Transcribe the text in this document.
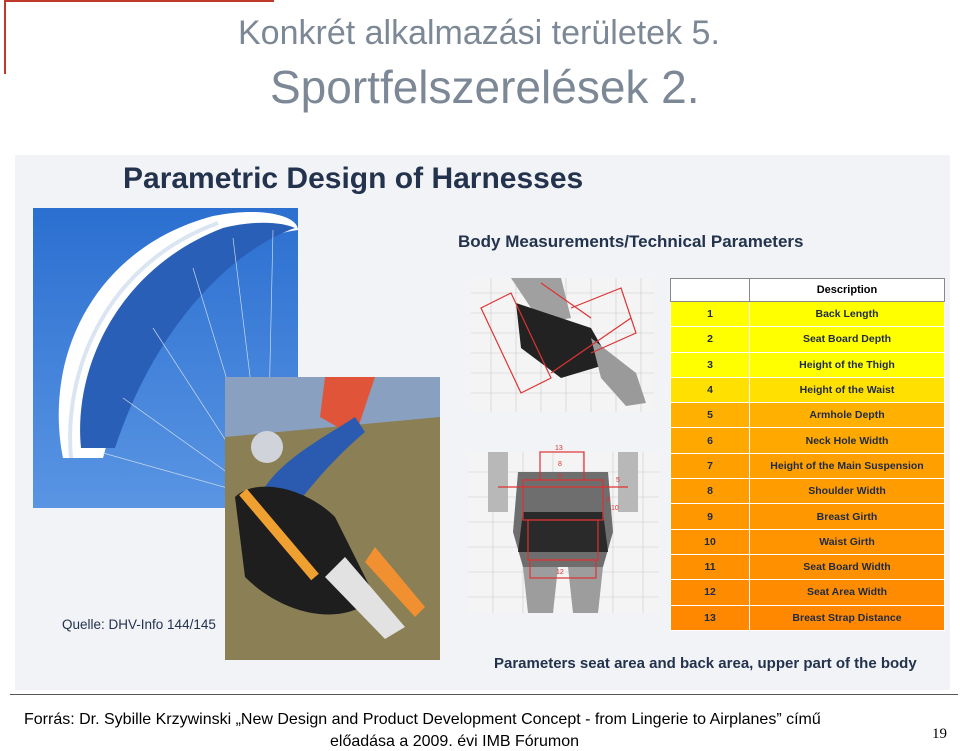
Konkrét alkalmazási területek 5.
Sportfelszerelések 2.
Parametric Design of Harnesses
Body Measurements/Technical Parameters
13
8
6
9
10
12
5
	Description
1	Back Length
2	Seat Board Depth
3	Height of the Thigh
4	Height of the Waist
5	Armhole Depth
6	Neck Hole Width
7	Height of the Main Suspension
8	Shoulder Width
9	Breast Girth
10	Waist Girth
11	Seat Board Width
12	Seat Area Width
13	Breast Strap Distance
Quelle: DHV-Info 144/145
Parameters seat area and back area, upper part of the body
Forrás: Dr. Sybille Krzywinski „New Design and Product Development Concept - from Lingerie to Airplanes” című
előadása a 2009. évi IMB Fórumon	19
